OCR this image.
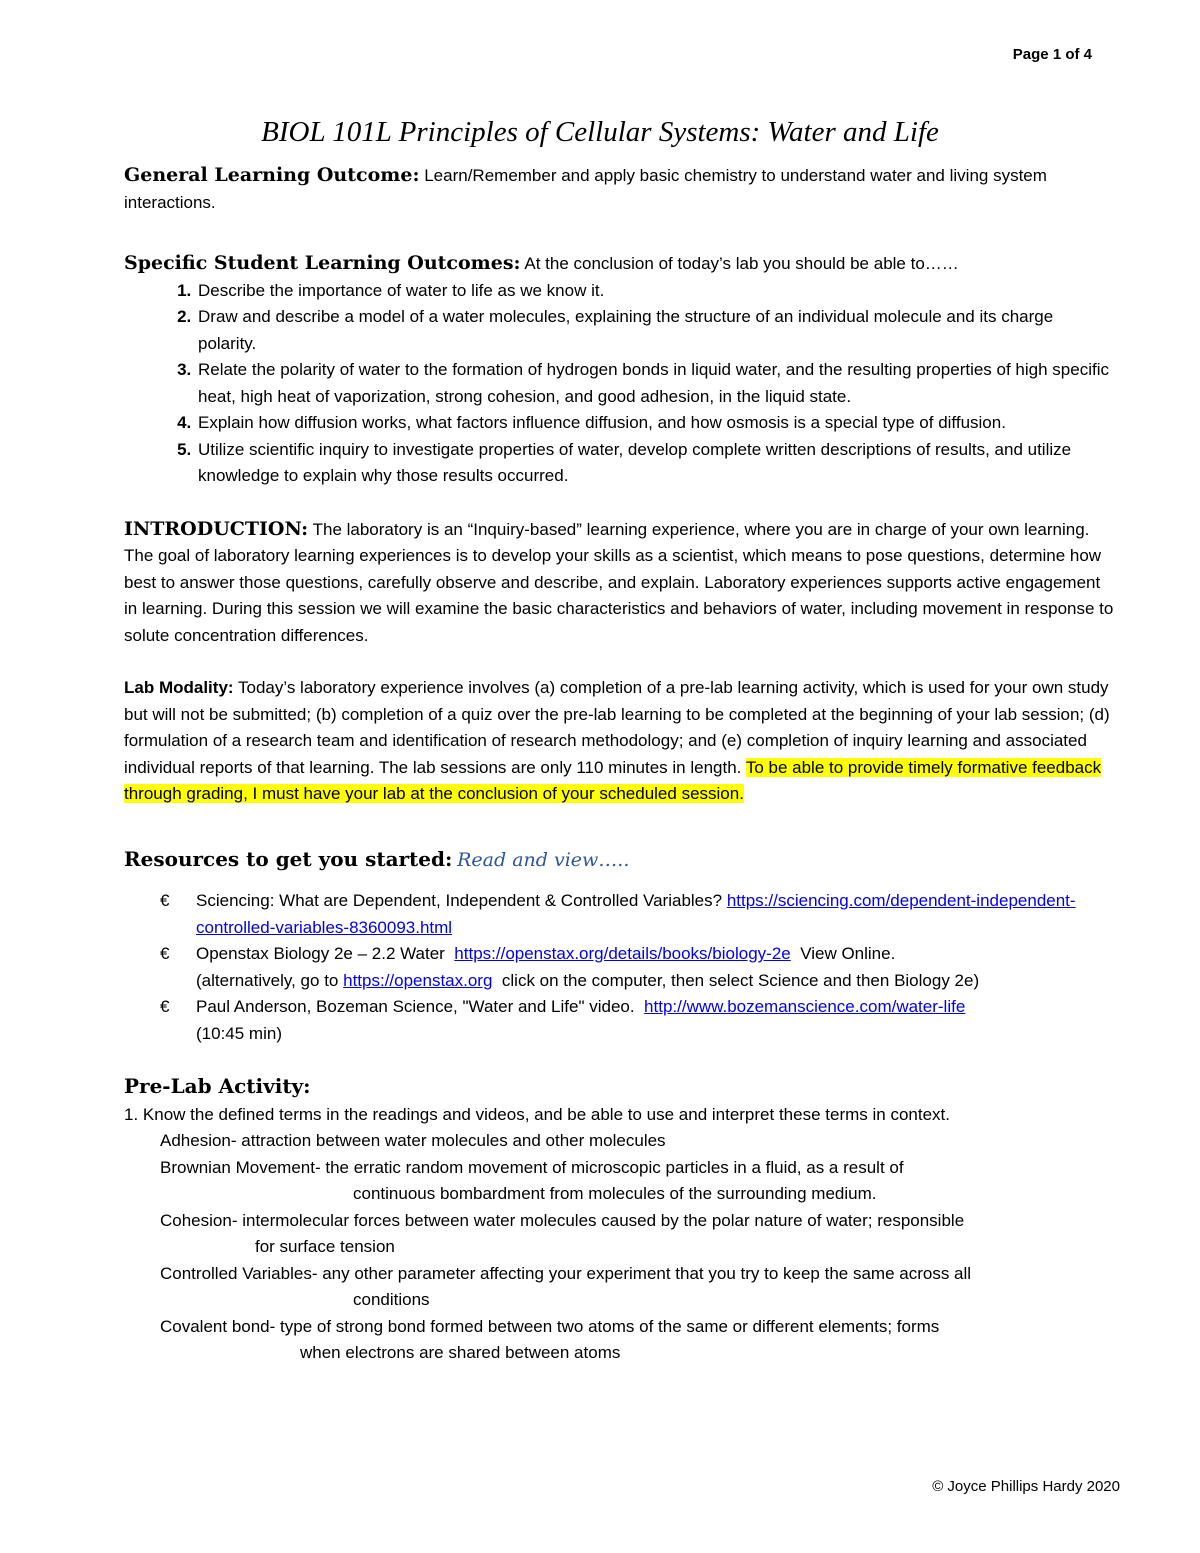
Page 1 of 4
BIOL 101L Principles of Cellular Systems: Water and Life

General Learning Outcome: Learn/Remember and apply basic chemistry to understand water and living system interactions.

Specific Student Learning Outcomes: At the conclusion of today’s lab you should be able to……

1. Describe the importance of water to life as we know it.
2. Draw and describe a model of a water molecules, explaining the structure of an individual molecule and its charge polarity.
3. Relate the polarity of water to the formation of hydrogen bonds in liquid water, and the resulting properties of high specific heat, high heat of vaporization, strong cohesion, and good adhesion, in the liquid state.
4. Explain how diffusion works, what factors influence diffusion, and how osmosis is a special type of diffusion.
5. Utilize scientific inquiry to investigate properties of water, develop complete written descriptions of results, and utilize knowledge to explain why those results occurred.

INTRODUCTION: The laboratory is an “Inquiry-based” learning experience, where you are in charge of your own learning. The goal of laboratory learning experiences is to develop your skills as a scientist, which means to pose questions, determine how best to answer those questions, carefully observe and describe, and explain. Laboratory experiences supports active engagement in learning. During this session we will examine the basic characteristics and behaviors of water, including movement in response to solute concentration differences.

Lab Modality: Today’s laboratory experience involves (a) completion of a pre-lab learning activity, which is used for your own study but will not be submitted; (b) completion of a quiz over the pre-lab learning to be completed at the beginning of your lab session; (d) formulation of a research team and identification of research methodology; and (e) completion of inquiry learning and associated individual reports of that learning. The lab sessions are only 110 minutes in length. To be able to provide timely formative feedback through grading, I must have your lab at the conclusion of your scheduled session.

Resources to get you started: Read and view…..

€ Sciencing: What are Dependent, Independent & Controlled Variables? https://sciencing.com/dependent-independent-controlled-variables-8360093.html
€ Openstax Biology 2e – 2.2 Water https://openstax.org/details/books/biology-2e View Online.
(alternatively, go to https://openstax.org click on the computer, then select Science and then Biology 2e)
€ Paul Anderson, Bozeman Science, "Water and Life" video. http://www.bozemanscience.com/water-life
(10:45 min)

Pre-Lab Activity:

1. Know the defined terms in the readings and videos, and be able to use and interpret these terms in context.

Adhesion- attraction between water molecules and other molecules
Brownian Movement- the erratic random movement of microscopic particles in a fluid, as a result of
continuous bombardment from molecules of the surrounding medium.
Cohesion- intermolecular forces between water molecules caused by the polar nature of water; responsible
for surface tension
Controlled Variables- any other parameter affecting your experiment that you try to keep the same across all
conditions
Covalent bond- type of strong bond formed between two atoms of the same or different elements; forms
when electrons are shared between atoms
© Joyce Phillips Hardy 2020
